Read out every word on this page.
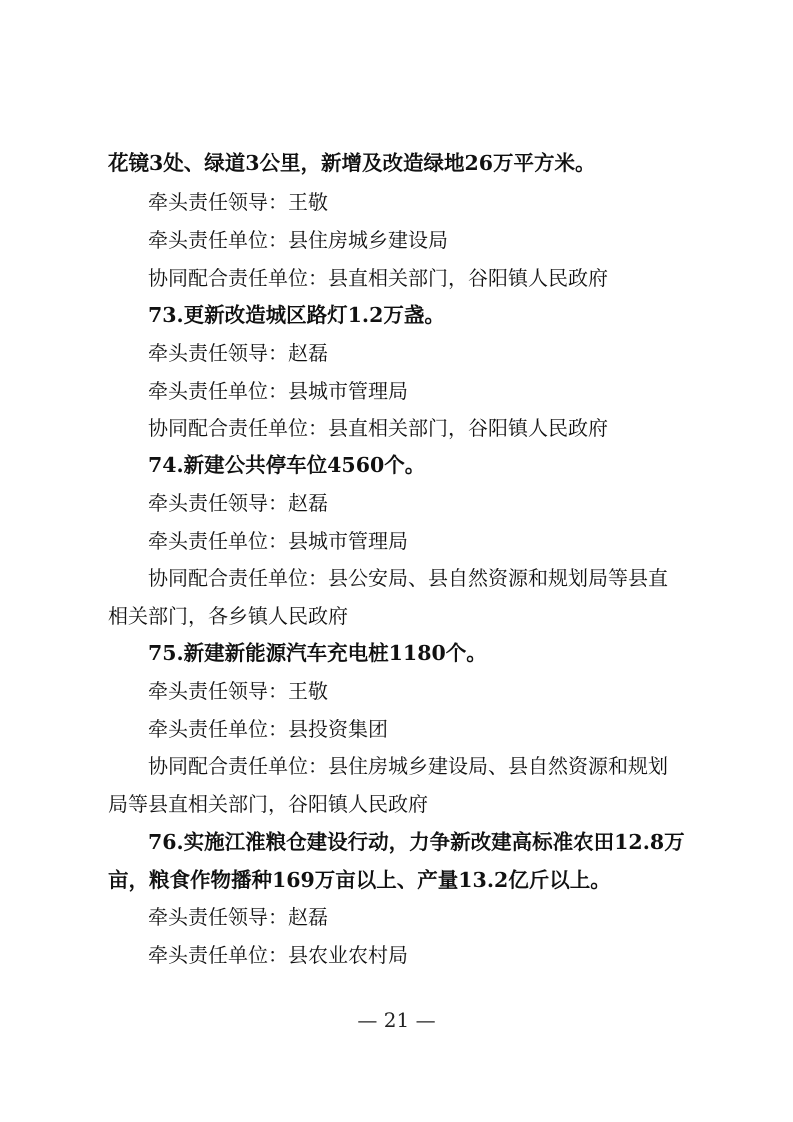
花镜3处、绿道3公里，新增及改造绿地26万平方米。
牵头责任领导：王敬
牵头责任单位：县住房城乡建设局
协同配合责任单位：县直相关部门，谷阳镇人民政府
73.更新改造城区路灯1.2万盏。
牵头责任领导：赵磊
牵头责任单位：县城市管理局
协同配合责任单位：县直相关部门，谷阳镇人民政府
74.新建公共停车位4560个。
牵头责任领导：赵磊
牵头责任单位：县城市管理局
协同配合责任单位：县公安局、县自然资源和规划局等县直
相关部门，各乡镇人民政府
75.新建新能源汽车充电桩1180个。
牵头责任领导：王敬
牵头责任单位：县投资集团
协同配合责任单位：县住房城乡建设局、县自然资源和规划
局等县直相关部门，谷阳镇人民政府
76.实施江淮粮仓建设行动，力争新改建高标准农田12.8万
亩，粮食作物播种169万亩以上、产量13.2亿斤以上。
牵头责任领导：赵磊
牵头责任单位：县农业农村局
— 21 —
